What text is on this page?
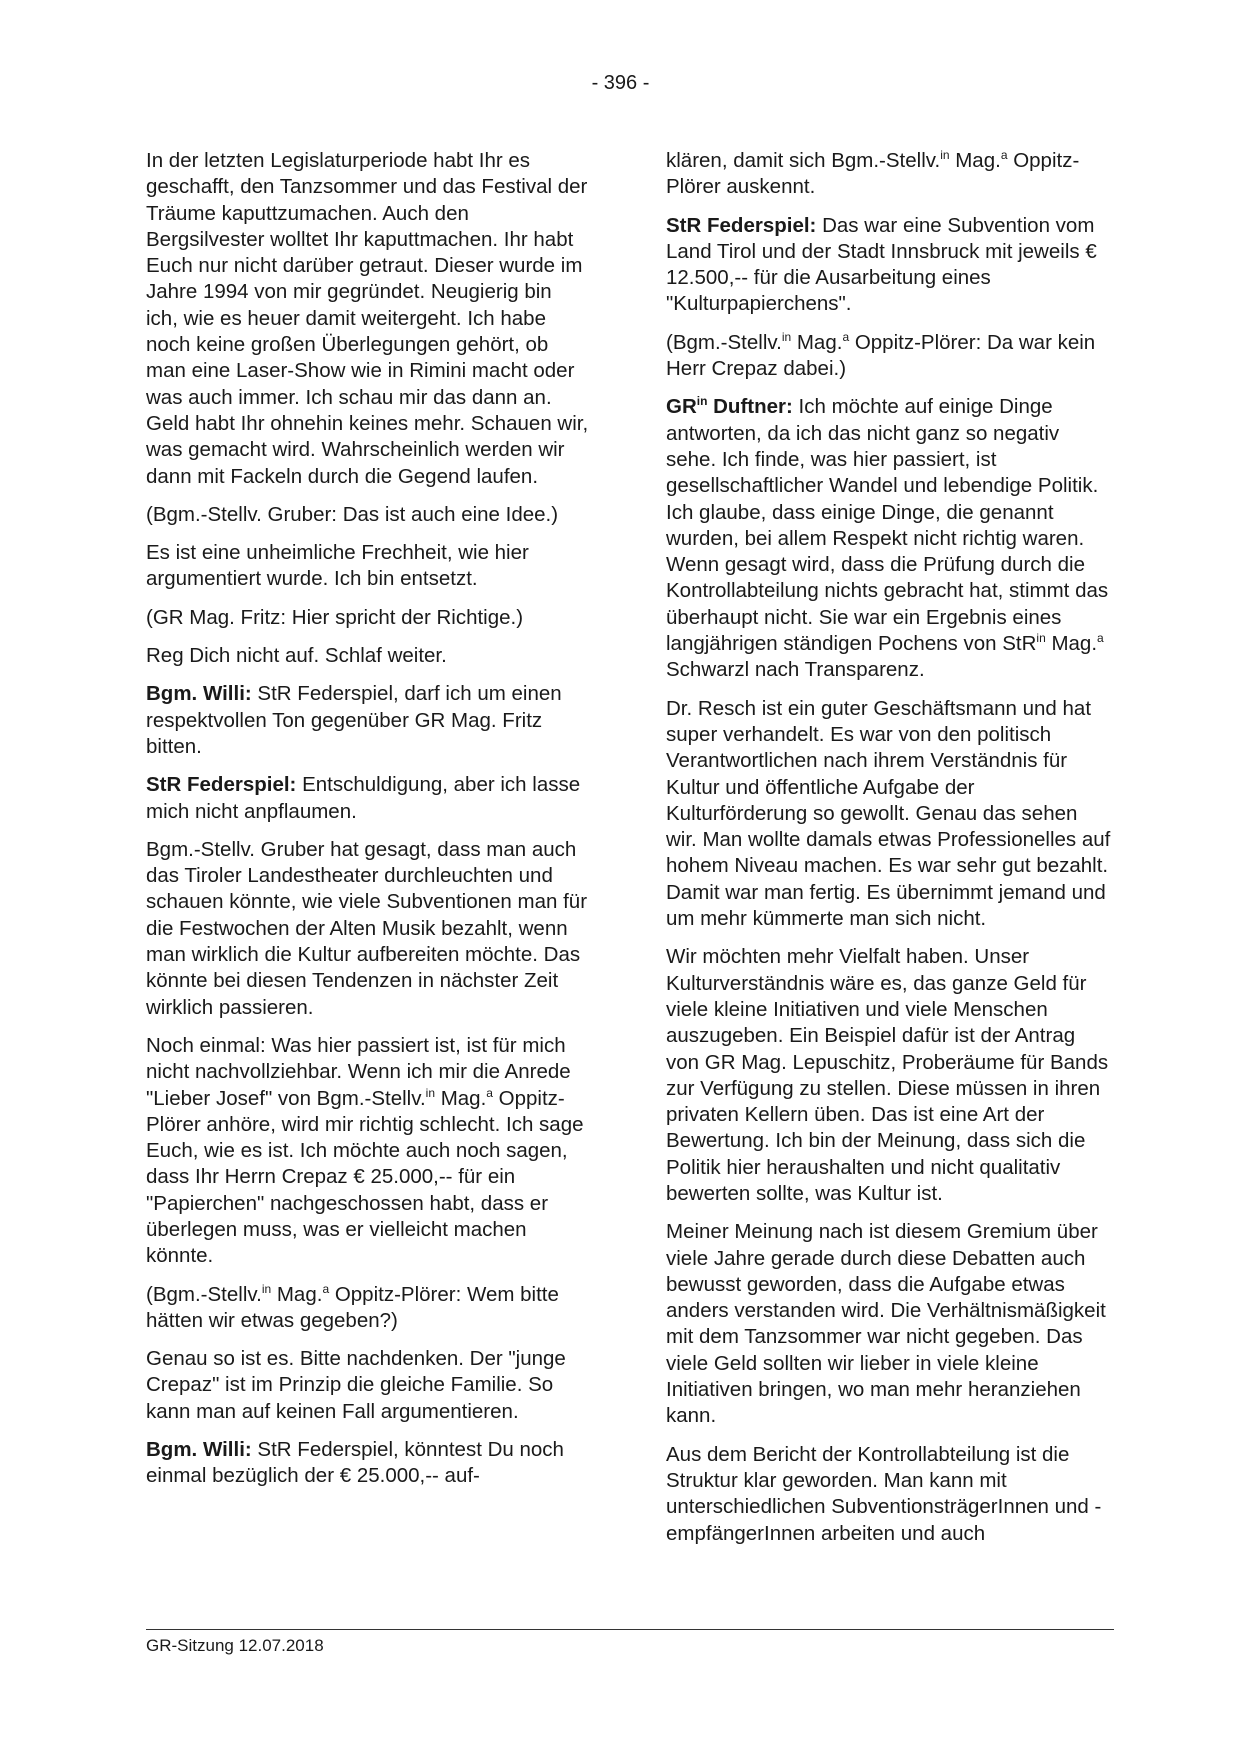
- 396 -

In der letzten Legislaturperiode habt Ihr es geschafft, den Tanzsommer und das Festival der Träume kaputtzumachen. Auch den Bergsilvester wolltet Ihr kaputtmachen. Ihr habt Euch nur nicht darüber getraut. Dieser wurde im Jahre 1994 von mir gegründet. Neugierig bin ich, wie es heuer damit weitergeht. Ich habe noch keine großen Überlegungen gehört, ob man eine Laser-Show wie in Rimini macht oder was auch immer. Ich schau mir das dann an. Geld habt Ihr ohnehin keines mehr. Schauen wir, was gemacht wird. Wahrscheinlich werden wir dann mit Fackeln durch die Gegend laufen.

(Bgm.-Stellv. Gruber: Das ist auch eine Idee.)

Es ist eine unheimliche Frechheit, wie hier argumentiert wurde. Ich bin entsetzt.

(GR Mag. Fritz: Hier spricht der Richtige.)

Reg Dich nicht auf. Schlaf weiter.

Bgm. Willi: StR Federspiel, darf ich um einen respektvollen Ton gegenüber GR Mag. Fritz bitten.

StR Federspiel: Entschuldigung, aber ich lasse mich nicht anpflaumen.

Bgm.-Stellv. Gruber hat gesagt, dass man auch das Tiroler Landestheater durchleuchten und schauen könnte, wie viele Subventionen man für die Festwochen der Alten Musik bezahlt, wenn man wirklich die Kultur aufbereiten möchte. Das könnte bei diesen Tendenzen in nächster Zeit wirklich passieren.

Noch einmal: Was hier passiert ist, ist für mich nicht nachvollziehbar. Wenn ich mir die Anrede "Lieber Josef" von Bgm.-Stellv.$^{in}$ Mag.$^a$ Oppitz-Plörer anhöre, wird mir richtig schlecht. Ich sage Euch, wie es ist. Ich möchte auch noch sagen, dass Ihr Herrn Crepaz € 25.000,-- für ein "Papierchen" nachgeschossen habt, dass er überlegen muss, was er vielleicht machen könnte.

(Bgm.-Stellv.$^{in}$ Mag.$^a$ Oppitz-Plörer: Wem bitte hätten wir etwas gegeben?)

Genau so ist es. Bitte nachdenken. Der "junge Crepaz" ist im Prinzip die gleiche Familie. So kann man auf keinen Fall argumentieren.

Bgm. Willi: StR Federspiel, könntest Du noch einmal bezüglich der € 25.000,-- auf-

klären, damit sich Bgm.-Stellv.$^{in}$ Mag.$^a$ Oppitz-Plörer auskennt.

StR Federspiel: Das war eine Subvention vom Land Tirol und der Stadt Innsbruck mit jeweils € 12.500,-- für die Ausarbeitung eines "Kulturpapierchens".

(Bgm.-Stellv.$^{in}$ Mag.$^a$ Oppitz-Plörer: Da war kein Herr Crepaz dabei.)

$GR^{in}$ Duftner: Ich möchte auf einige Dinge antworten, da ich das nicht ganz so negativ sehe. Ich finde, was hier passiert, ist gesellschaftlicher Wandel und lebendige Politik. Ich glaube, dass einige Dinge, die genannt wurden, bei allem Respekt nicht richtig waren. Wenn gesagt wird, dass die Prüfung durch die Kontrollabteilung nichts gebracht hat, stimmt das überhaupt nicht. Sie war ein Ergebnis eines langjährigen ständigen Pochens von StR$^{in}$ Mag.$^a$ Schwarzl nach Transparenz.

Dr. Resch ist ein guter Geschäftsmann und hat super verhandelt. Es war von den politisch Verantwortlichen nach ihrem Verständnis für Kultur und öffentliche Aufgabe der Kulturförderung so gewollt. Genau das sehen wir. Man wollte damals etwas Professionelles auf hohem Niveau machen. Es war sehr gut bezahlt. Damit war man fertig. Es übernimmt jemand und um mehr kümmerte man sich nicht.

Wir möchten mehr Vielfalt haben. Unser Kulturverständnis wäre es, das ganze Geld für viele kleine Initiativen und viele Menschen auszugeben. Ein Beispiel dafür ist der Antrag von GR Mag. Lepuschitz, Proberäume für Bands zur Verfügung zu stellen. Diese müssen in ihren privaten Kellern üben. Das ist eine Art der Bewertung. Ich bin der Meinung, dass sich die Politik hier heraushalten und nicht qualitativ bewerten sollte, was Kultur ist.

Meiner Meinung nach ist diesem Gremium über viele Jahre gerade durch diese Debatten auch bewusst geworden, dass die Aufgabe etwas anders verstanden wird. Die Verhältnismäßigkeit mit dem Tanzsommer war nicht gegeben. Das viele Geld sollten wir lieber in viele kleine Initiativen bringen, wo man mehr heranziehen kann.

Aus dem Bericht der Kontrollabteilung ist die Struktur klar geworden. Man kann mit unterschiedlichen SubventionsträgerInnen und -empfängerInnen arbeiten und auch

GR-Sitzung 12.07.2018
